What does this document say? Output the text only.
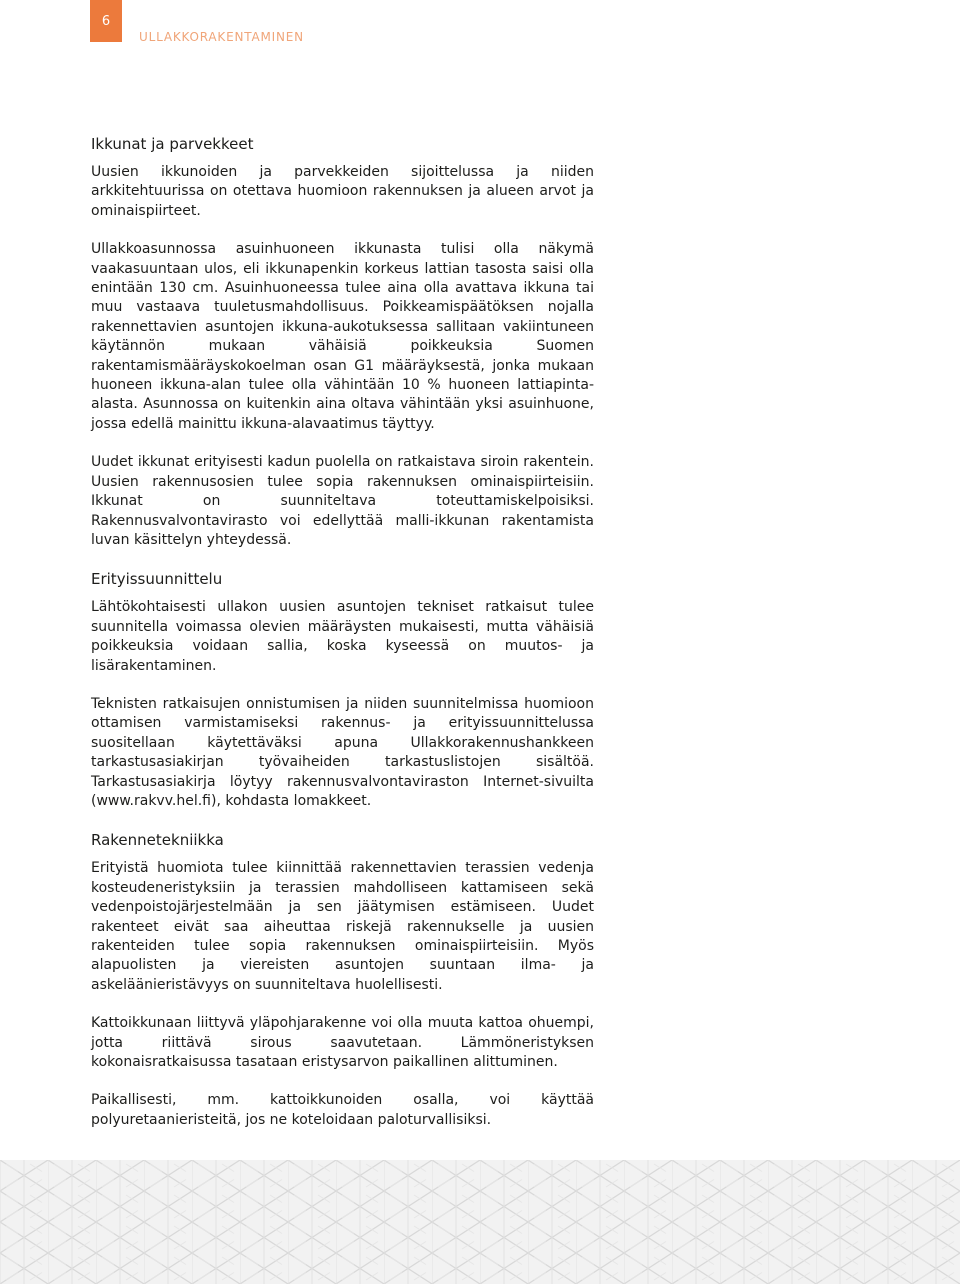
6
ULLAKKORAKENTAMINEN
Ikkunat ja parvekkeet

Uusien ikkunoiden ja parvekkeiden sijoittelussa ja niiden arkkitehtuurissa on otettava huomioon rakennuksen ja alueen arvot ja ominaispiirteet.

Ullakkoasunnossa asuinhuoneen ikkunasta tulisi olla näkymä vaakasuuntaan ulos, eli ikkunapenkin korkeus lattian tasosta saisi olla enintään 130 cm. Asuinhuoneessa tulee aina olla avattava ikkuna tai muu vastaava tuuletusmahdollisuus. Poikkeamispäätöksen nojalla rakennettavien asuntojen ikkuna-aukotuksessa sallitaan vakiintuneen käytännön mukaan vähäisiä poikkeuksia Suomen rakentamismääräyskokoelman osan G1 määräyksestä, jonka mukaan huoneen ikkuna-alan tulee olla vähintään 10 % huoneen lattiapinta-alasta. Asunnossa on kuitenkin aina oltava vähintään yksi asuinhuone, jossa edellä mainittu ikkuna-alavaatimus täyttyy.

Uudet ikkunat erityisesti kadun puolella on ratkaistava siroin rakentein. Uusien rakennusosien tulee sopia rakennuksen ominaispiirteisiin. Ikkunat on suunniteltava toteuttamiskelpoisiksi. Rakennusvalvontavirasto voi edellyttää malli-ikkunan rakentamista luvan käsittelyn yhteydessä.

Erityissuunnittelu

Lähtökohtaisesti ullakon uusien asuntojen tekniset ratkaisut tulee suunnitella voimassa olevien määräysten mukaisesti, mutta vähäisiä poikkeuksia voidaan sallia, koska kyseessä on muutos- ja lisärakentaminen.

Teknisten ratkaisujen onnistumisen ja niiden suunnitelmissa huomioon ottamisen varmistamiseksi rakennus- ja erityissuunnittelussa suositellaan käytettäväksi apuna Ullakkorakennushankkeen tarkastusasiakirjan työvaiheiden tarkastuslistojen sisältöä. Tarkastusasiakirja löytyy rakennusvalvontaviraston Internet-sivuilta (www.rakvv.hel.fi), kohdasta lomakkeet.

Rakennetekniikka

Erityistä huomiota tulee kiinnittää rakennettavien terassien vedenja kosteudeneristyksiin ja terassien mahdolliseen kattamiseen sekä vedenpoistojärjestelmään ja sen jäätymisen estämiseen. Uudet rakenteet eivät saa aiheuttaa riskejä rakennukselle ja uusien rakenteiden tulee sopia rakennuksen ominaispiirteisiin. Myös alapuolisten ja viereisten asuntojen suuntaan ilma- ja askeläänieristävyys on suunniteltava huolellisesti.

Kattoikkunaan liittyvä yläpohjarakenne voi olla muuta kattoa ohuempi, jotta riittävä sirous saavutetaan. Lämmöneristyksen kokonaisratkaisussa tasataan eristysarvon paikallinen alittuminen.

Paikallisesti, mm. kattoikkunoiden osalla, voi käyttää polyuretaanieristeitä, jos ne koteloidaan paloturvallisiksi.
